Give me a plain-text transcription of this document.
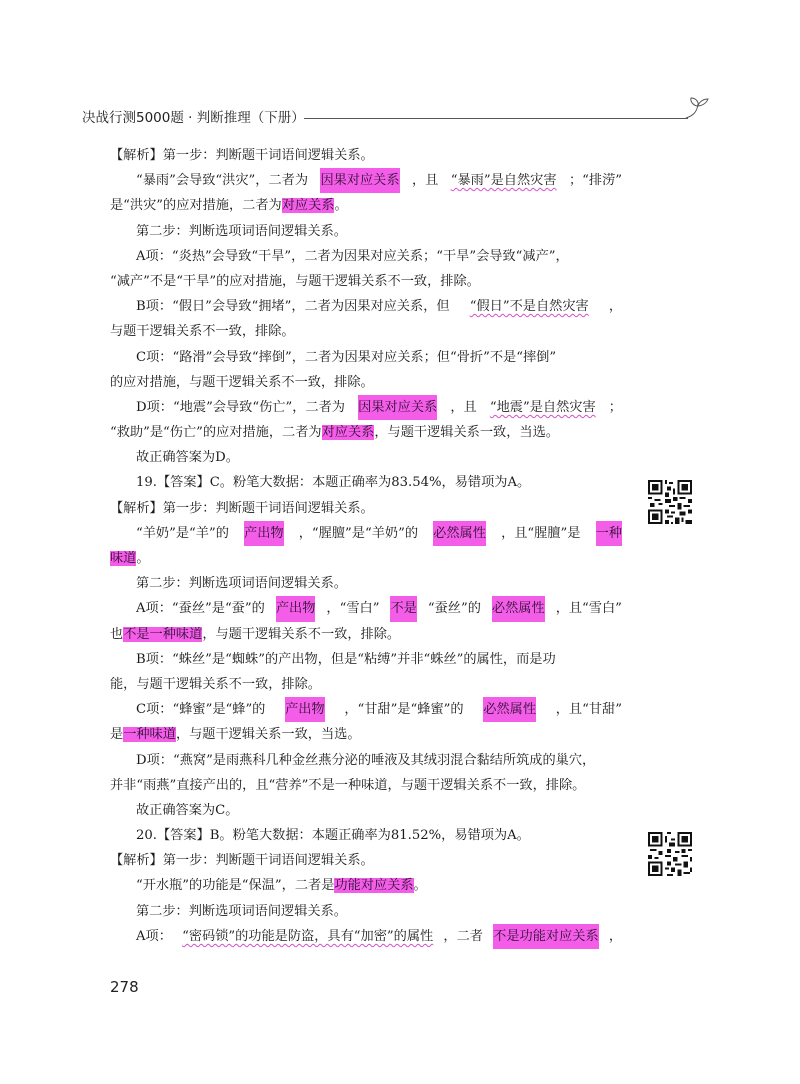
决战行测5000题 · 判断推理（下册）
【解析】第一步：判断题干词语间逻辑关系。
“暴雨”会导致“洪灾”，二者为 因果对应关系 ，且 “暴雨”是自然灾害 ；“排涝”
是“洪灾”的应对措施，二者为对应关系。
第二步：判断选项词语间逻辑关系。
A项：“炎热”会导致“干旱”，二者为因果对应关系；“干旱”会导致“减产”，
“减产”不是“干旱”的应对措施，与题干逻辑关系不一致，排除。
B项：“假日”会导致“拥堵”，二者为因果对应关系，但 “假日”不是自然灾害 ，
与题干逻辑关系不一致，排除。
C项：“路滑”会导致“摔倒”，二者为因果对应关系；但“骨折”不是“摔倒”
的应对措施，与题干逻辑关系不一致，排除。
D项：“地震”会导致“伤亡”，二者为 因果对应关系 ，且 “地震”是自然灾害 ；
“救助”是“伤亡”的应对措施，二者为对应关系，与题干逻辑关系一致，当选。
故正确答案为D。
19.【答案】C。粉笔大数据：本题正确率为83.54%，易错项为A。
【解析】第一步：判断题干词语间逻辑关系。
“羊奶”是“羊”的 产出物 ，“腥膻”是“羊奶”的 必然属性 ，且“腥膻”是 一种
味道。
第二步：判断选项词语间逻辑关系。
A项：“蚕丝”是“蚕”的 产出物 ，“雪白” 不是 “蚕丝”的 必然属性 ，且“雪白”
也不是一种味道，与题干逻辑关系不一致，排除。
B项：“蛛丝”是“蜘蛛”的产出物，但是“粘缚”并非“蛛丝”的属性，而是功
能，与题干逻辑关系不一致，排除。
C项：“蜂蜜”是“蜂”的 产出物 ，“甘甜”是“蜂蜜”的 必然属性 ，且“甘甜”
是一种味道，与题干逻辑关系一致，当选。
D项：“燕窝”是雨燕科几种金丝燕分泌的唾液及其绒羽混合黏结所筑成的巢穴，
并非“雨燕”直接产出的，且“营养”不是一种味道，与题干逻辑关系不一致，排除。
故正确答案为C。
20.【答案】B。粉笔大数据：本题正确率为81.52%，易错项为A。
【解析】第一步：判断题干词语间逻辑关系。
“开水瓶”的功能是“保温”，二者是功能对应关系。
第二步：判断选项词语间逻辑关系。
A项： “密码锁”的功能是防盗，具有“加密”的属性 ，二者 不是功能对应关系 ，
278
